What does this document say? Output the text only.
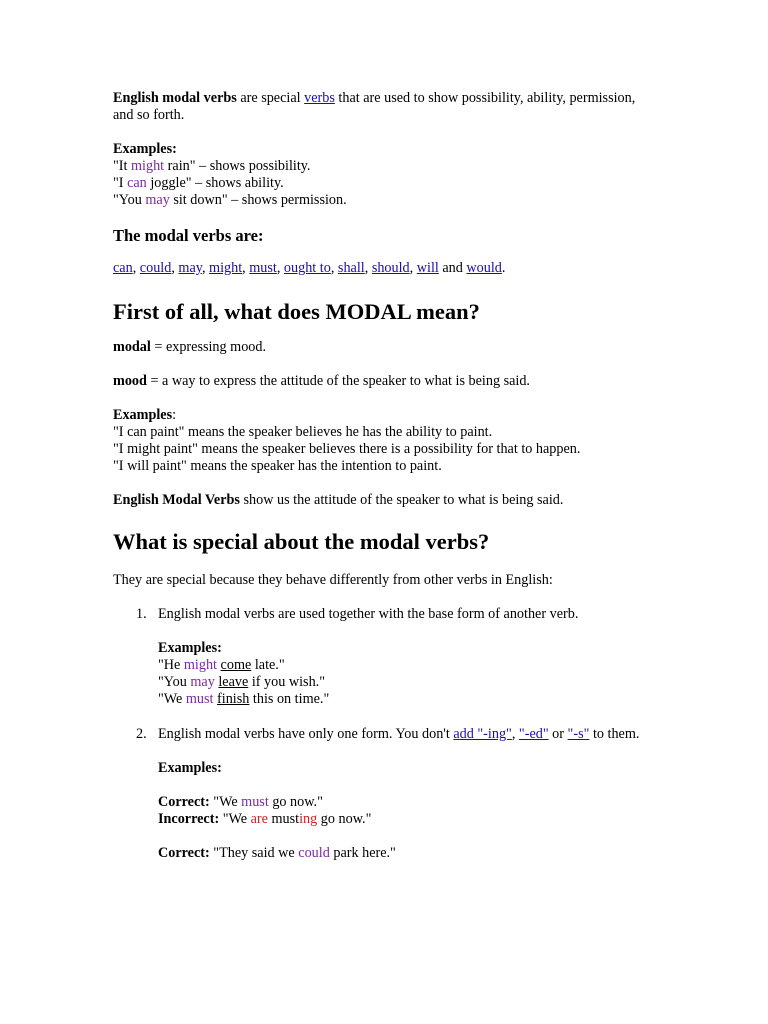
English modal verbs are special verbs that are used to show possibility, ability, permission, and so forth.

Examples:

"It might rain" – shows possibility.

"I can joggle" – shows ability.

"You may sit down" – shows permission.

The modal verbs are:

can, could, may, might, must, ought to, shall, should, will and would.

First of all, what does MODAL mean?

modal = expressing mood.

mood = a way to express the attitude of the speaker to what is being said.

Examples:

"I can paint" means the speaker believes he has the ability to paint.

"I might paint" means the speaker believes there is a possibility for that to happen.

"I will paint" means the speaker has the intention to paint.

English Modal Verbs show us the attitude of the speaker to what is being said.

What is special about the modal verbs?

They are special because they behave differently from other verbs in English:

1. English modal verbs are used together with the base form of another verb.

Examples:

"He might come late."

"You may leave if you wish."

"We must finish this on time."

2. English modal verbs have only one form. You don't add "-ing", "-ed" or "-s" to them.

Examples:

Correct: "We must go now."

Incorrect: "We are musting go now."

Correct: "They said we could park here."
